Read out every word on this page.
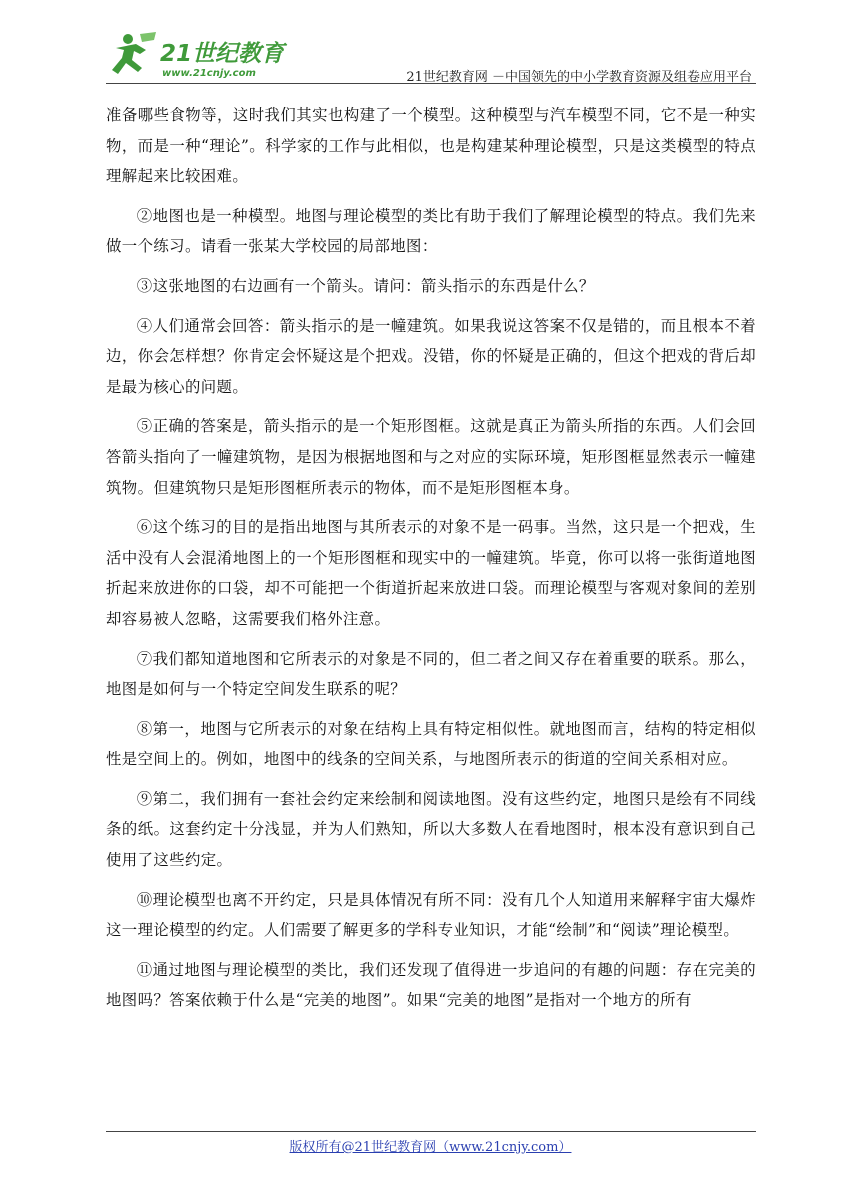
21世纪教育
www.21cnjy.com	21世纪教育网 －中国领先的中小学教育资源及组卷应用平台

准备哪些食物等，这时我们其实也构建了一个模型。这种模型与汽车模型不同，它不是一种实物，而是一种“理论”。科学家的工作与此相似，也是构建某种理论模型，只是这类模型的特点理解起来比较困难。

②地图也是一种模型。地图与理论模型的类比有助于我们了解理论模型的特点。我们先来做一个练习。请看一张某大学校园的局部地图：

③这张地图的右边画有一个箭头。请问：箭头指示的东西是什么？

④人们通常会回答：箭头指示的是一幢建筑。如果我说这答案不仅是错的，而且根本不着边，你会怎样想？你肯定会怀疑这是个把戏。没错，你的怀疑是正确的，但这个把戏的背后却是最为核心的问题。

⑤正确的答案是，箭头指示的是一个矩形图框。这就是真正为箭头所指的东西。人们会回答箭头指向了一幢建筑物，是因为根据地图和与之对应的实际环境，矩形图框显然表示一幢建筑物。但建筑物只是矩形图框所表示的物体，而不是矩形图框本身。

⑥这个练习的目的是指出地图与其所表示的对象不是一码事。当然，这只是一个把戏，生活中没有人会混淆地图上的一个矩形图框和现实中的一幢建筑。毕竟，你可以将一张街道地图折起来放进你的口袋，却不可能把一个街道折起来放进口袋。而理论模型与客观对象间的差别却容易被人忽略，这需要我们格外注意。

⑦我们都知道地图和它所表示的对象是不同的，但二者之间又存在着重要的联系。那么，地图是如何与一个特定空间发生联系的呢？

⑧第一，地图与它所表示的对象在结构上具有特定相似性。就地图而言，结构的特定相似性是空间上的。例如，地图中的线条的空间关系，与地图所表示的街道的空间关系相对应。

⑨第二，我们拥有一套社会约定来绘制和阅读地图。没有这些约定，地图只是绘有不同线条的纸。这套约定十分浅显，并为人们熟知，所以大多数人在看地图时，根本没有意识到自己使用了这些约定。

⑩理论模型也离不开约定，只是具体情况有所不同：没有几个人知道用来解释宇宙大爆炸这一理论模型的约定。人们需要了解更多的学科专业知识，才能“绘制”和“阅读”理论模型。

⑪通过地图与理论模型的类比，我们还发现了值得进一步追问的有趣的问题：存在完美的地图吗？答案依赖于什么是“完美的地图”。如果“完美的地图”是指对一个地方的所有

版权所有@21世纪教育网（www.21cnjy.com）
